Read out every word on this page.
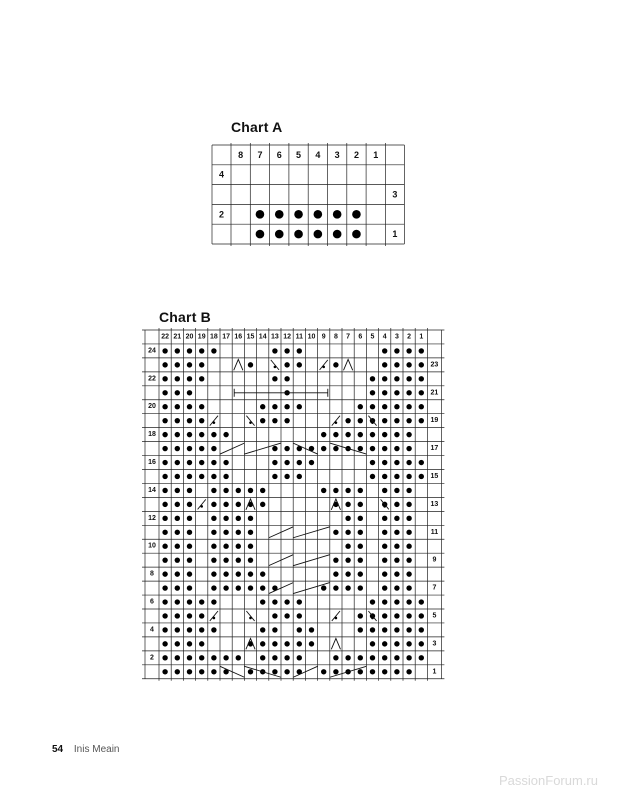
Chart A
Chart B
8 7 6 5 4 3 2 1
4
3
2
1
22 21 20 19 18 17 16 15 14 13 12 11 10 9 8 7 6 5 4 3 2 1
24
23
22
21
20
19
18
17
16
15
14
13
12
11
10
9
8
7
6
5
4
3
2
1
54 Inis Meain
PassionForum.ru
